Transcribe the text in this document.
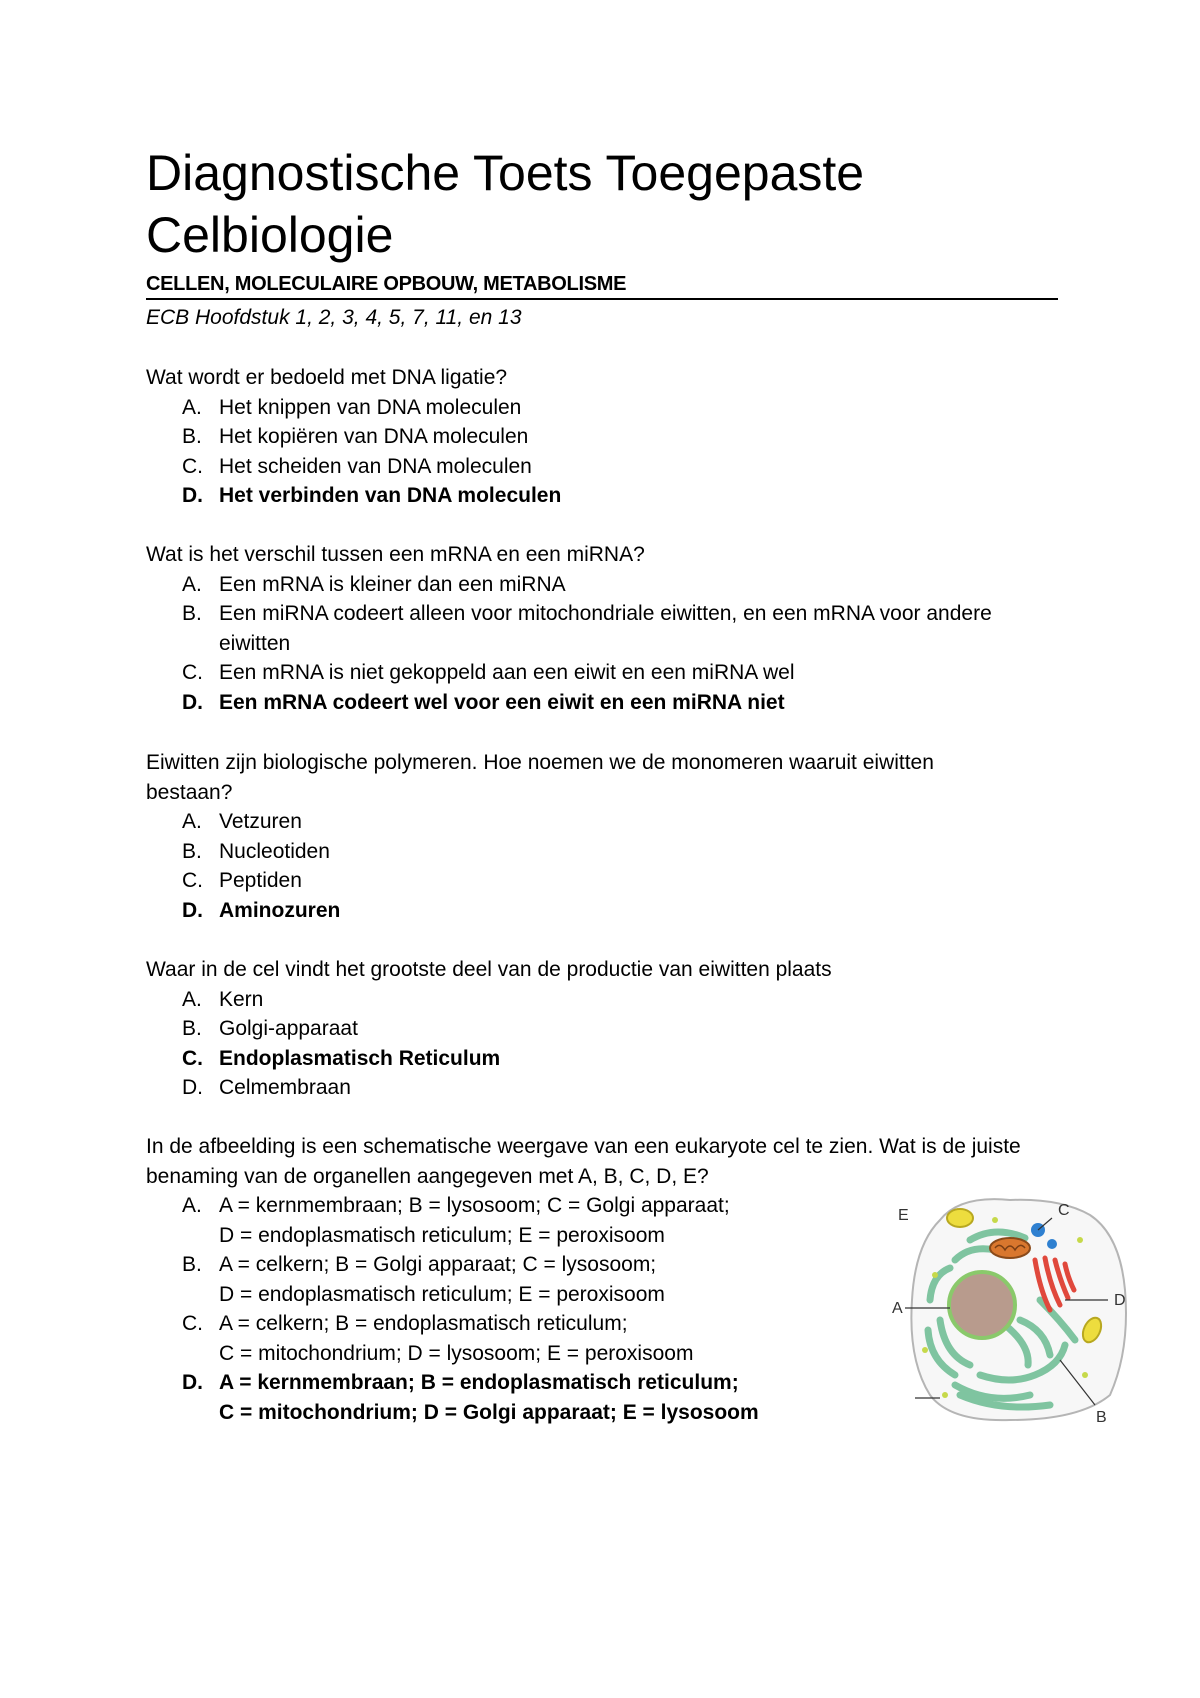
Diagnostische Toets Toegepaste Celbiologie
CELLEN, MOLECULAIRE OPBOUW, METABOLISME
ECB Hoofdstuk 1, 2, 3, 4, 5, 7, 11, en 13
Wat wordt er bedoeld met DNA ligatie?
A. Het knippen van DNA moleculen
B. Het kopiëren van DNA moleculen
C. Het scheiden van DNA moleculen
D. Het verbinden van DNA moleculen
Wat is het verschil tussen een mRNA en een miRNA?
A. Een mRNA is kleiner dan een miRNA
B. Een miRNA codeert alleen voor mitochondriale eiwitten, en een mRNA voor andere eiwitten
C. Een mRNA is niet gekoppeld aan een eiwit en een miRNA wel
D. Een mRNA codeert wel voor een eiwit en een miRNA niet
Eiwitten zijn biologische polymeren. Hoe noemen we de monomeren waaruit eiwitten bestaan?
A. Vetzuren
B. Nucleotiden
C. Peptiden
D. Aminozuren
Waar in de cel vindt het grootste deel van de productie van eiwitten plaats
A. Kern
B. Golgi-apparaat
C. Endoplasmatisch Reticulum
D. Celmembraan
In de afbeelding is een schematische weergave van een eukaryote cel te zien. Wat is de juiste benaming van de organellen aangegeven met A, B, C, D, E?
A. A = kernmembraan; B = lysosoom; C = Golgi apparaat;
D = endoplasmatisch reticulum; E = peroxisoom
B. A = celkern; B = Golgi apparaat; C = lysosoom;
D = endoplasmatisch reticulum; E = peroxisoom
C. A = celkern; B = endoplasmatisch reticulum;
C = mitochondrium; D = lysosoom; E = peroxisoom
D. A = kernmembraan; B = endoplasmatisch reticulum;
C = mitochondrium; D = Golgi apparaat; E = lysosoom
C
D
A
B
E
